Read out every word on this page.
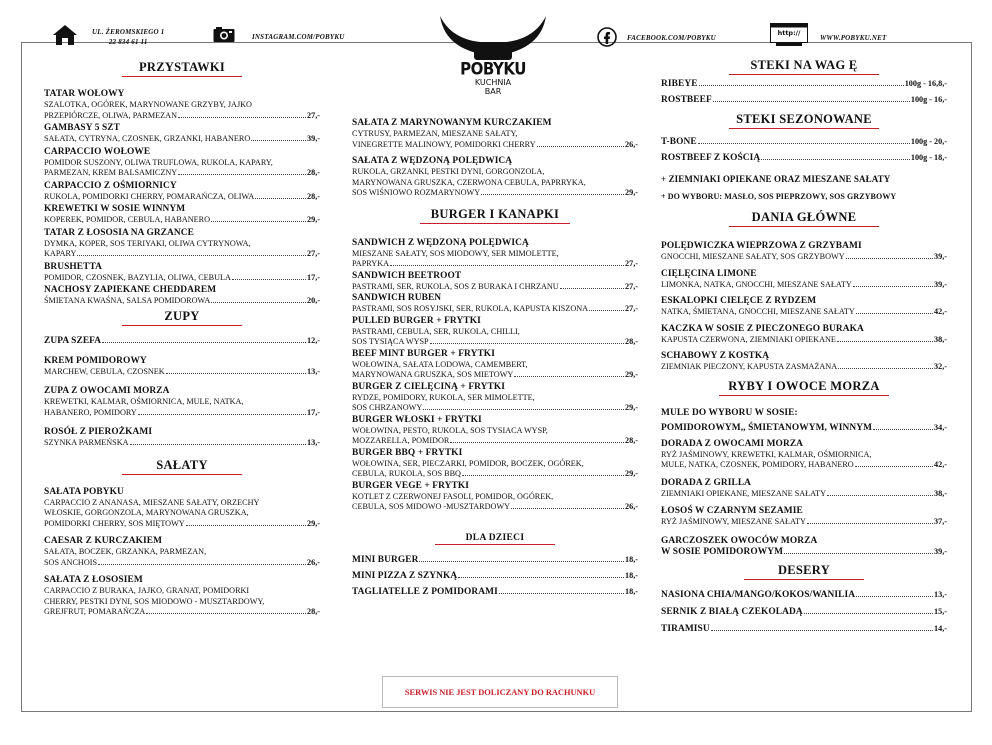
UL. ŻEROMSKIEGO 1
22 834 61 11
INSTAGRAM.COM/POBYKU
POBYKU
KUCHNIA
BAR
FACEBOOK.COM/POBYKU
http://
WWW.POBYKU.NET
PRZYSTAWKI
TATAR WOŁOWY
SZALOTKA, OGÓREK, MARYNOWANE GRZYBY, JAJKO
PRZEPIÓRCZE, OLIWA, PARMEZAN	27,-
GAMBASY 5 SZT
SAŁATA, CYTRYNA, CZOSNEK, GRZANKI, HABANERO	39,-
CARPACCIO WOŁOWE
POMIDOR SUSZONY, OLIWA TRUFLOWA, RUKOLA, KAPARY,
PARMEZAN, KREM BALSAMICZNY	28,-
CARPACCIO Z OŚMIORNICY
RUKOLA, POMIDORKI CHERRY, POMARAŃCZA, OLIWA	28,-
KREWETKI W SOSIE WINNYM
KOPEREK, POMIDOR, CEBULA, HABANERO	29,-
TATAR Z ŁOSOSIA NA GRZANCE
DYMKA, KOPER, SOS TERIYAKI, OLIWA CYTRYNOWA,
KAPARY	27,-
BRUSHETTA
POMIDOR, CZOSNEK, BAZYLIA, OLIWA, CEBULA	17,-
NACHOSY ZAPIEKANE CHEDDAREM
ŚMIETANA KWAŚNA, SALSA POMIDOROWA	20,-
ZUPY
ZUPA SZEFA	12,-
KREM POMIDOROWY
MARCHEW, CEBULA, CZOSNEK	13,-
ZUPA Z OWOCAMI MORZA
KREWETKI, KALMAR, OŚMIORNICA, MULE, NATKA,
HABANERO, POMIDORY	17,-
ROSÓŁ Z PIEROŻKAMI
SZYNKA PARMEŃSKA	13,-
SAŁATY
SAŁATA POBYKU
CARPACCIO Z ANANASA, MIESZANE SAŁATY, ORZECHY
WŁOSKIE, GORGONZOLA, MARYNOWANA GRUSZKA,
POMIDORKI CHERRY, SOS MIĘTOWY	29,-
CAESAR Z KURCZAKIEM
SAŁATA, BOCZEK, GRZANKA, PARMEZAN,
SOS ANCHOIS	26,-
SAŁATA Z ŁOSOSIEM
CARPACCIO Z BURAKA, JAJKO, GRANAT, POMIDORKI
CHERRY, PESTKI DYNI, SOS MIODOWO - MUSZTARDOWY,
GREJFRUT, POMARAŃCZA	28,-
SAŁATA Z MARYNOWANYM KURCZAKIEM
CYTRUSY, PARMEZAN, MIESZANE SAŁATY,
VINEGRETTE MALINOWY, POMIDORKI CHERRY	26,-
SAŁATA Z WĘDZONĄ POLĘDWICĄ
RUKOLA, GRZANKI, PESTKI DYNI, GORGONZOLA,
MARYNOWANA GRUSZKA, CZERWONA CEBULA, PAPRRYKA,
SOS WIŚNIOWO ROZMARYNOWY	29,-
BURGER I KANAPKI
SANDWICH Z WĘDZONĄ POLĘDWICĄ
MIESZANE SAŁATY, SOS MIODOWY, SER MIMOLETTE,
PAPRYKA	27,-
SANDWICH BEETROOT
PASTRAMI, SER, RUKOLA, SOS Z BURAKA I CHRZANU	27,-
SANDWICH RUBEN
PASTRAMI, SOS ROSYJSKI, SER, RUKOLA, KAPUSTA KISZONA	27,-
PULLED BURGER + FRYTKI
PASTRAMI, CEBULA, SER, RUKOLA, CHILLI,
SOS TYSIĄCA WYSP	28,-
BEEF MINT BURGER + FRYTKI
WOŁOWINA, SAŁATA LODOWA, CAMEMBERT,
MARYNOWANA GRUSZKA, SOS MIETOWY	29,-
BURGER Z CIELĘCINĄ + FRYTKI
RYDZE, POMIDORY, RUKOLA, SER MIMOLETTE,
SOS CHRZANOWY	29,-
BURGER WŁOSKI + FRYTKI
WOŁOWINA, PESTO, RUKOLA, SOS TYSIACA WYSP,
MOZZARELLA, POMIDOR	28,-
BURGER BBQ + FRYTKI
WOŁOWINA, SER, PIECZARKI, POMIDOR, BOCZEK, OGÓREK,
CEBULA, RUKOLA, SOS BBQ	29,-
BURGER VEGE + FRYTKI
KOTLET Z CZERWONEJ FASOLI, POMIDOR, OGÓREK,
CEBULA, SOS MIDOWO -MUSZTARDOWY	26,-
DLA DZIECI
MINI BURGER	18,-
MINI PIZZA Z SZYNKĄ	18,-
TAGLIATELLE Z POMIDORAMI	18,-
SERWIS NIE JEST DOLICZANY DO RACHUNKU
STEKI NA WAG Ę
RIBEYE	100g - 16,8,-
ROSTBEEF	100g - 16,-
STEKI SEZONOWANE
T-BONE	100g - 20,-
ROSTBEEF Z KOŚCIĄ	100g - 18,-
+ ZIEMNIAKI OPIEKANE ORAZ MIESZANE SAŁATY
+ DO WYBORU: MASŁO, SOS PIEPRZOWY, SOS GRZYBOWY
DANIA GŁÓWNE
POLĘDWICZKA WIEPRZOWA Z GRZYBAMI
GNOCCHI, MIESZANE SAŁATY, SOS GRZYBOWY	39,-
CIĘLĘCINA LIMONE
LIMONKA, NATKA, GNOCCHI, MIESZANE SAŁATY	39,-
ESKALOPKI CIELĘCE Z RYDZEM
NATKA, ŚMIETANA, GNOCCHI, MIESZANE SAŁATY	42,-
KACZKA W SOSIE Z PIECZONEGO BURAKA
KAPUSTA CZERWONA, ZIEMNIAKI OPIEKANE	38,-
SCHABOWY Z KOSTKĄ
ZIEMNIAK PIECZONY, KAPUSTA ZASMAŻANA	32,-
RYBY I OWOCE MORZA
MULE DO WYBORU W SOSIE:
POMIDOROWYM,, ŚMIETANOWYM, WINNYM	34,-
DORADA Z OWOCAMI MORZA
RYŻ JAŚMINOWY, KREWETKI, KALMAR, OŚMIORNICA,
MULE, NATKA, CZOSNEK, POMIDORY, HABANERO	42,-
DORADA Z GRILLA
ZIEMNIAKI OPIEKANE, MIESZANE SAŁATY	38,-
ŁOSOŚ W CZARNYM SEZAMIE
RYŻ JAŚMINOWY, MIESZANE SAŁATY	37,-
GARCZOSZEK OWOCÓW MORZA
W SOSIE POMIDOROWYM	39,-
DESERY
NASIONA CHIA/MANGO/KOKOS/WANILIA	13,-
SERNIK Z BIAŁĄ CZEKOLADĄ	15,-
TIRAMISU	14,-
